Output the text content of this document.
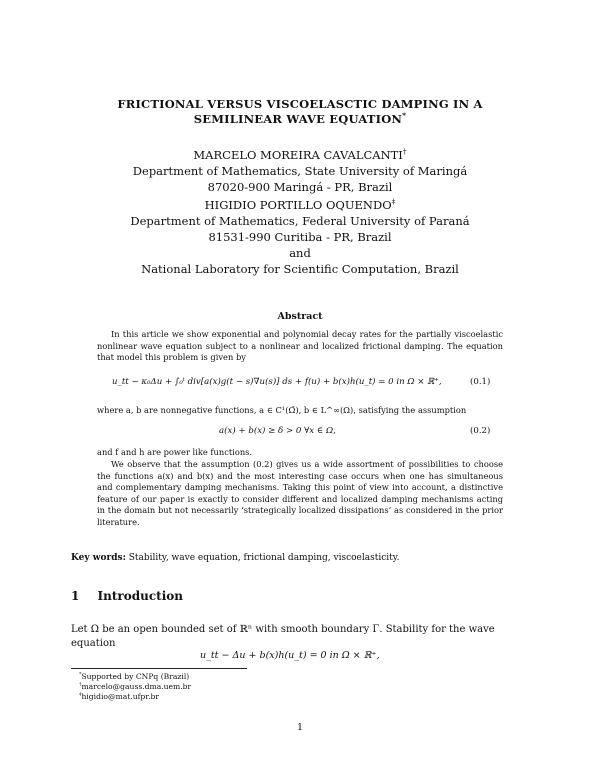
FRICTIONAL VERSUS VISCOELASCTIC DAMPING IN A
SEMILINEAR WAVE EQUATION*
MARCELO MOREIRA CAVALCANTI†
Department of Mathematics, State University of Maringá
87020-900 Maringá - PR, Brazil
HIGIDIO PORTILLO OQUENDO‡
Department of Mathematics, Federal University of Paraná
81531-990 Curitiba - PR, Brazil
and
National Laboratory for Scientific Computation, Brazil
Abstract
In this article we show exponential and polynomial decay rates for the partially viscoelastic nonlinear wave equation subject to a nonlinear and localized frictional damping. The equation that model this problem is given by
u_tt − κ₀Δu + ∫₀ᵗ div[a(x)g(t − s)∇u(s)] ds + f(u) + b(x)h(u_t) = 0 in Ω × ℝ⁺,	(0.1)
where a, b are nonnegative functions, a ∈ C¹(Ω̄), b ∈ L^∞(Ω), satisfying the assumption
a(x) + b(x) ≥ δ > 0 ∀x ∈ Ω,	(0.2)
and f and h are power like functions.
We observe that the assumption (0.2) gives us a wide assortment of possibilities to choose the functions a(x) and b(x) and the most interesting case occurs when one has simultaneous and complementary damping mechanisms. Taking this point of view into account, a distinctive feature of our paper is exactly to consider different and localized damping mechanisms acting in the domain but not necessarily ‘strategically localized dissipations’ as considered in the prior literature.
Key words: Stability, wave equation, frictional damping, viscoelasticity.
1 Introduction
Let Ω be an open bounded set of ℝⁿ with smooth boundary Γ. Stability for the wave equation
u_tt − Δu + b(x)h(u_t) = 0 in Ω × ℝ⁺,
*Supported by CNPq (Brazil)
†marcelo@gauss.dma.uem.br
‡higidio@mat.ufpr.br
1
